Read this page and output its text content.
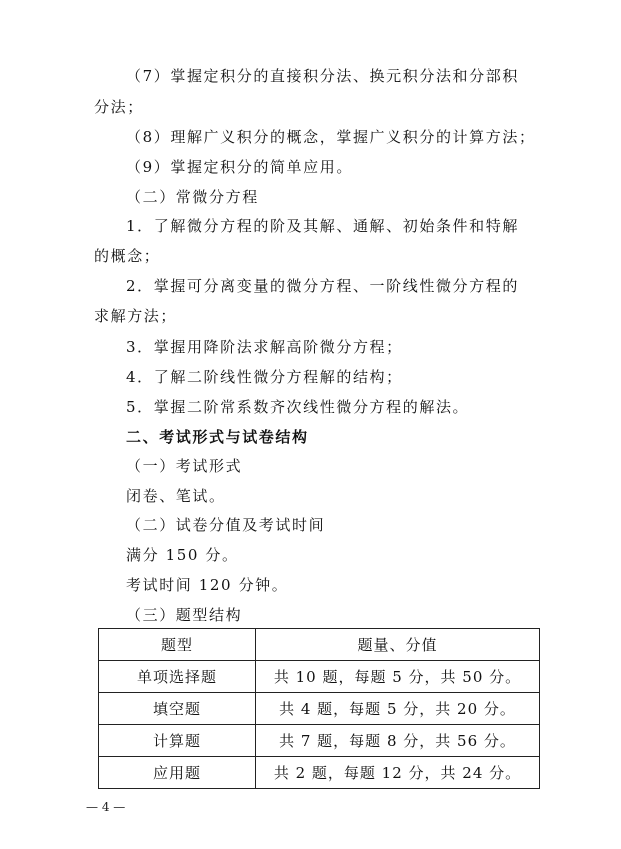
（7）掌握定积分的直接积分法、换元积分法和分部积
分法；
（8）理解广义积分的概念，掌握广义积分的计算方法；
（9）掌握定积分的简单应用。
（二）常微分方程
1．了解微分方程的阶及其解、通解、初始条件和特解
的概念；
2．掌握可分离变量的微分方程、一阶线性微分方程的
求解方法；
3．掌握用降阶法求解高阶微分方程；
4．了解二阶线性微分方程解的结构；
5．掌握二阶常系数齐次线性微分方程的解法。
二、考试形式与试卷结构
（一）考试形式
闭卷、笔试。
（二）试卷分值及考试时间
满分 150 分。
考试时间 120 分钟。
（三）题型结构
题型	题量、分值
单项选择题	共 10 题，每题 5 分，共 50 分。
填空题	共 4 题，每题 5 分，共 20 分。
计算题	共 7 题，每题 8 分，共 56 分。
应用题	共 2 题，每题 12 分，共 24 分。
— 4 —
